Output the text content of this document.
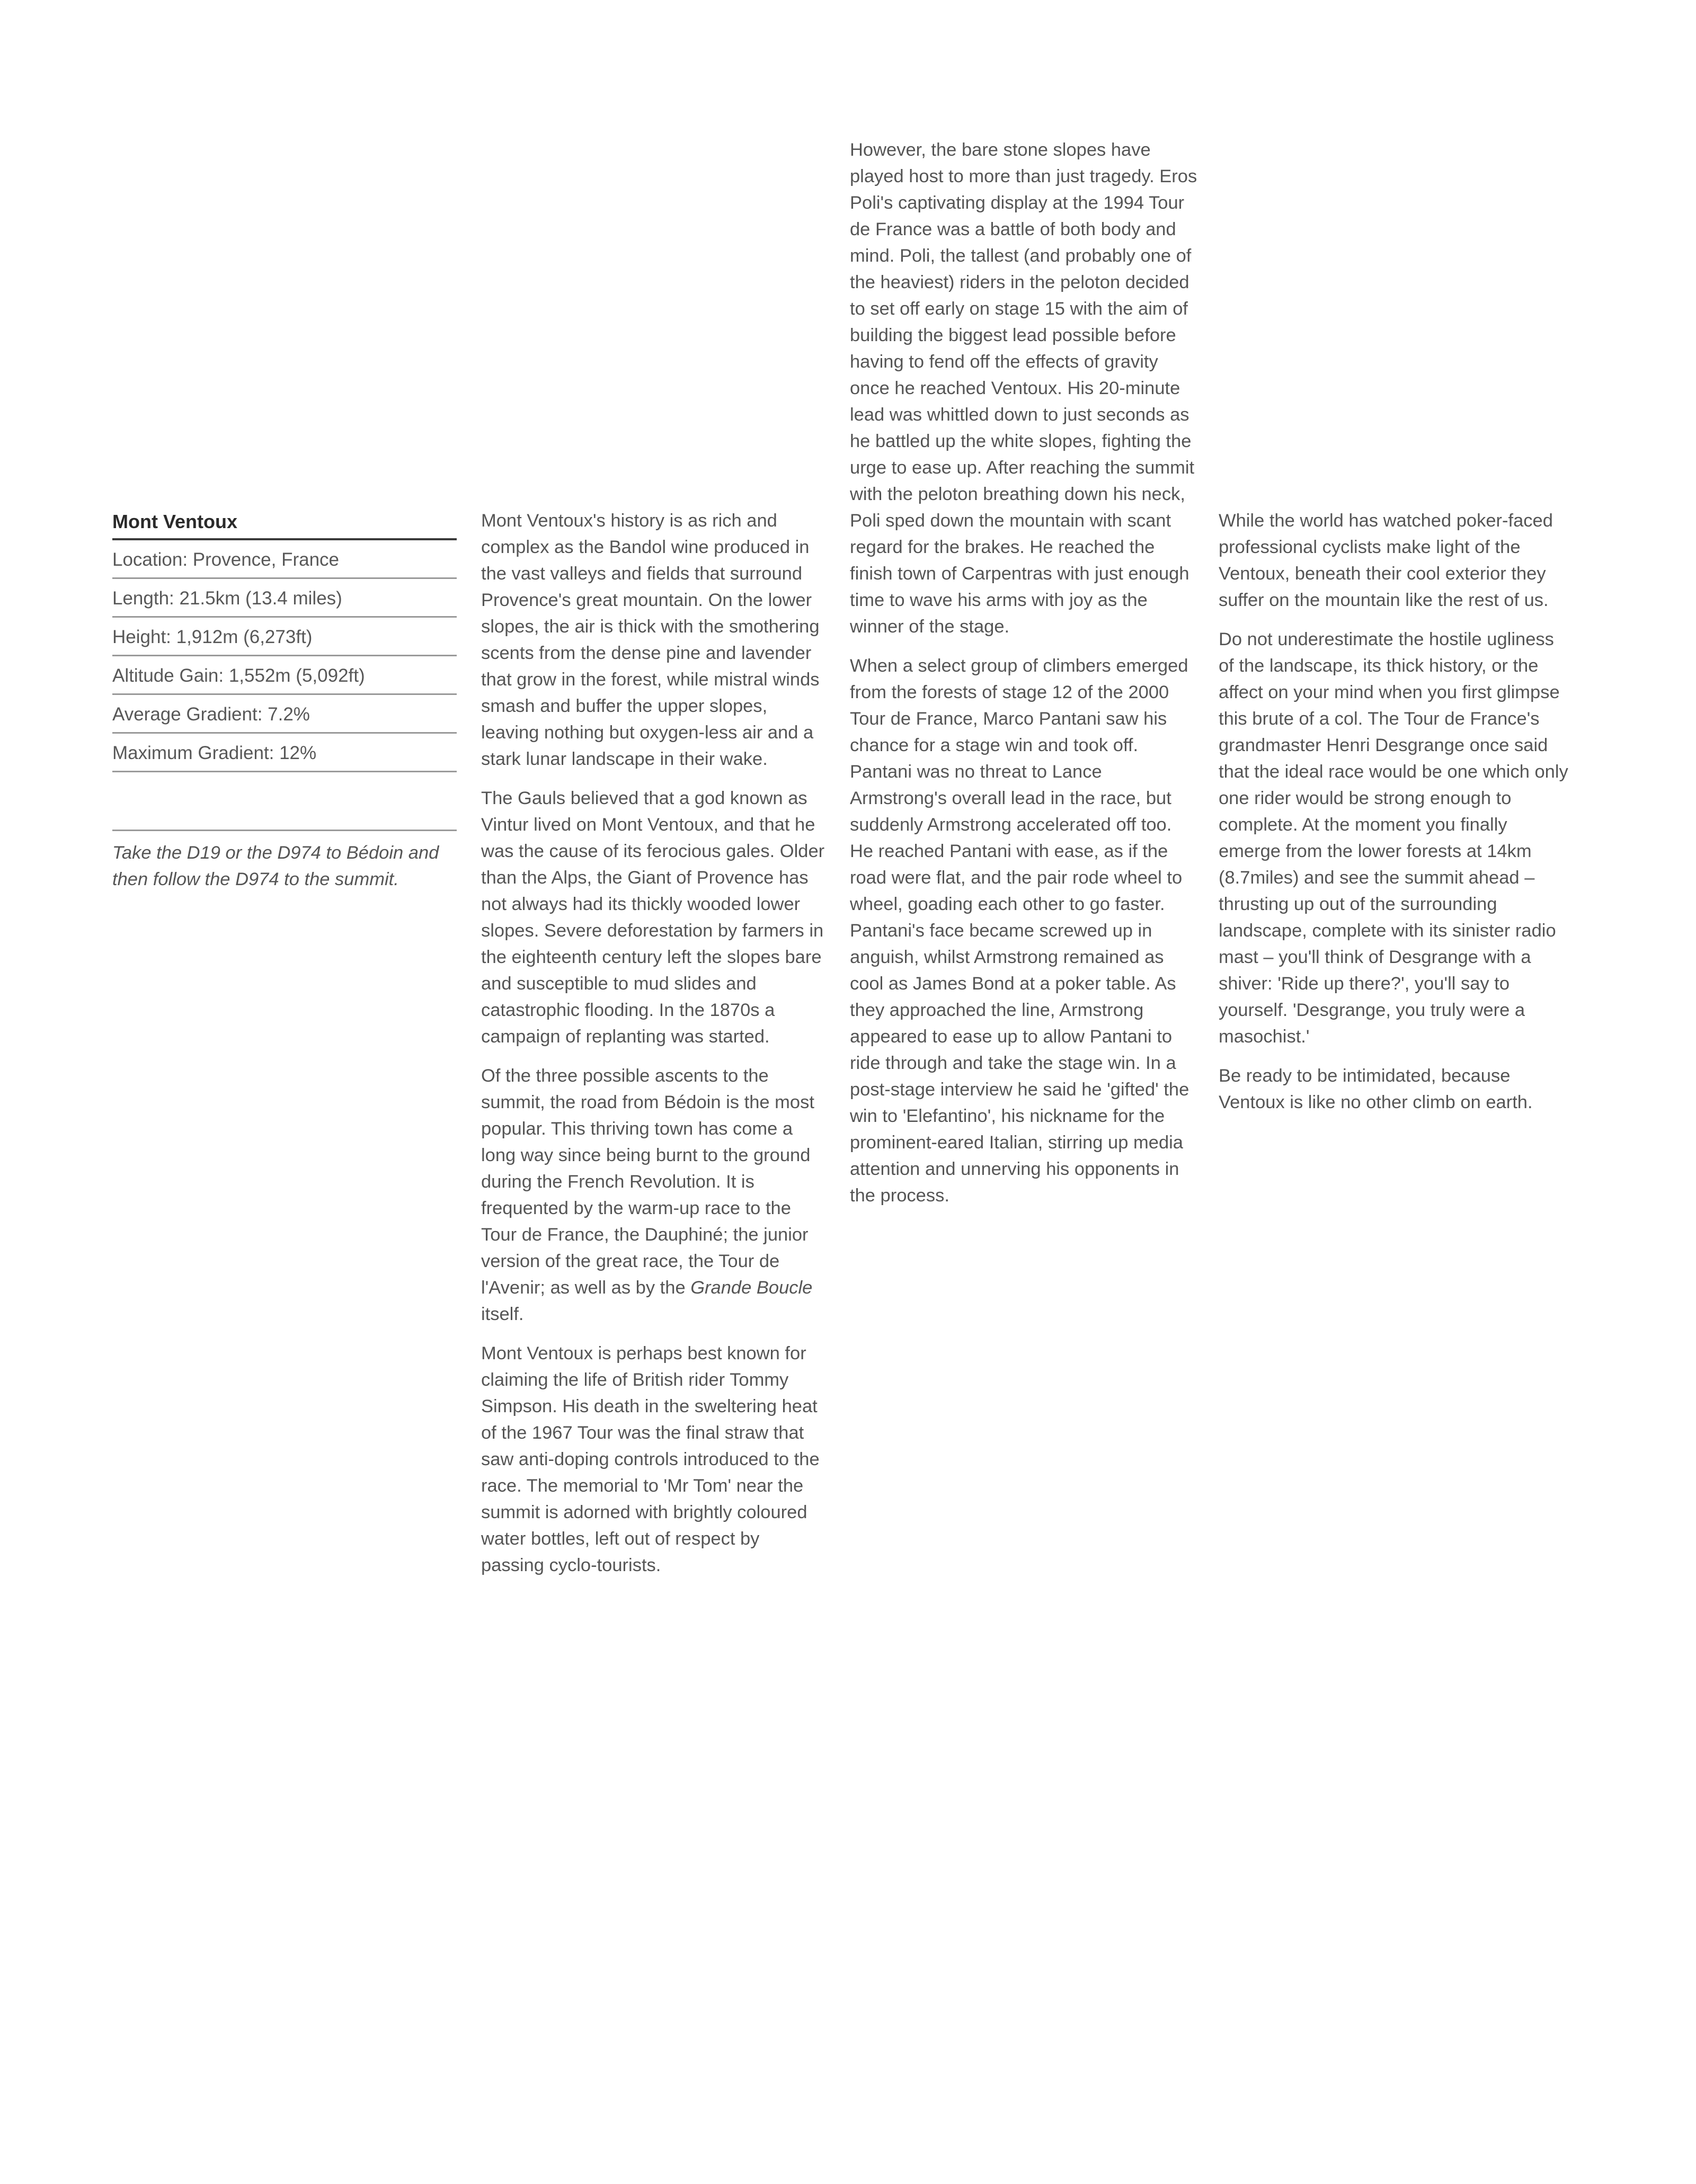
Mont Ventoux
Location: Provence, France
Length: 21.5km (13.4 miles)
Height: 1,912m (6,273ft)
Altitude Gain: 1,552m (5,092ft)
Average Gradient: 7.2%
Maximum Gradient: 12%
Take the D19 or the D974 to Bédoin and then follow the D974 to the summit.

Mont Ventoux's history is as rich and complex as the Bandol wine produced in the vast valleys and fields that surround Provence's great mountain. On the lower slopes, the air is thick with the smothering scents from the dense pine and lavender that grow in the forest, while mistral winds smash and buffer the upper slopes, leaving nothing but oxygen-less air and a stark lunar landscape in their wake.

The Gauls believed that a god known as Vintur lived on Mont Ventoux, and that he was the cause of its ferocious gales. Older than the Alps, the Giant of Provence has not always had its thickly wooded lower slopes. Severe deforestation by farmers in the eighteenth century left the slopes bare and susceptible to mud slides and catastrophic flooding. In the 1870s a campaign of replanting was started.

Of the three possible ascents to the summit, the road from Bédoin is the most popular. This thriving town has come a long way since being burnt to the ground during the French Revolution. It is frequented by the warm-up race to the Tour de France, the Dauphiné; the junior version of the great race, the Tour de l'Avenir; as well as by the Grande Boucle itself.

Mont Ventoux is perhaps best known for claiming the life of British rider Tommy Simpson. His death in the sweltering heat of the 1967 Tour was the final straw that saw anti-doping controls introduced to the race. The memorial to 'Mr Tom' near the summit is adorned with brightly coloured water bottles, left out of respect by passing cyclo-tourists.

However, the bare stone slopes have played host to more than just tragedy. Eros Poli's captivating display at the 1994 Tour de France was a battle of both body and mind. Poli, the tallest (and probably one of the heaviest) riders in the peloton decided to set off early on stage 15 with the aim of building the biggest lead possible before having to fend off the effects of gravity once he reached Ventoux. His 20-minute lead was whittled down to just seconds as he battled up the white slopes, fighting the urge to ease up. After reaching the summit with the peloton breathing down his neck, Poli sped down the mountain with scant regard for the brakes. He reached the finish town of Carpentras with just enough time to wave his arms with joy as the winner of the stage.

When a select group of climbers emerged from the forests of stage 12 of the 2000 Tour de France, Marco Pantani saw his chance for a stage win and took off. Pantani was no threat to Lance Armstrong's overall lead in the race, but suddenly Armstrong accelerated off too. He reached Pantani with ease, as if the road were flat, and the pair rode wheel to wheel, goading each other to go faster. Pantani's face became screwed up in anguish, whilst Armstrong remained as cool as James Bond at a poker table. As they approached the line, Armstrong appeared to ease up to allow Pantani to ride through and take the stage win. In a post-stage interview he said he 'gifted' the win to 'Elefantino', his nickname for the prominent-eared Italian, stirring up media attention and unnerving his opponents in the process.

While the world has watched poker-faced professional cyclists make light of the Ventoux, beneath their cool exterior they suffer on the mountain like the rest of us.

Do not underestimate the hostile ugliness of the landscape, its thick history, or the affect on your mind when you first glimpse this brute of a col. The Tour de France's grandmaster Henri Desgrange once said that the ideal race would be one which only one rider would be strong enough to complete. At the moment you finally emerge from the lower forests at 14km (8.7miles) and see the summit ahead – thrusting up out of the surrounding landscape, complete with its sinister radio mast – you'll think of Desgrange with a shiver: 'Ride up there?', you'll say to yourself. 'Desgrange, you truly were a masochist.'

Be ready to be intimidated, because Ventoux is like no other climb on earth.
